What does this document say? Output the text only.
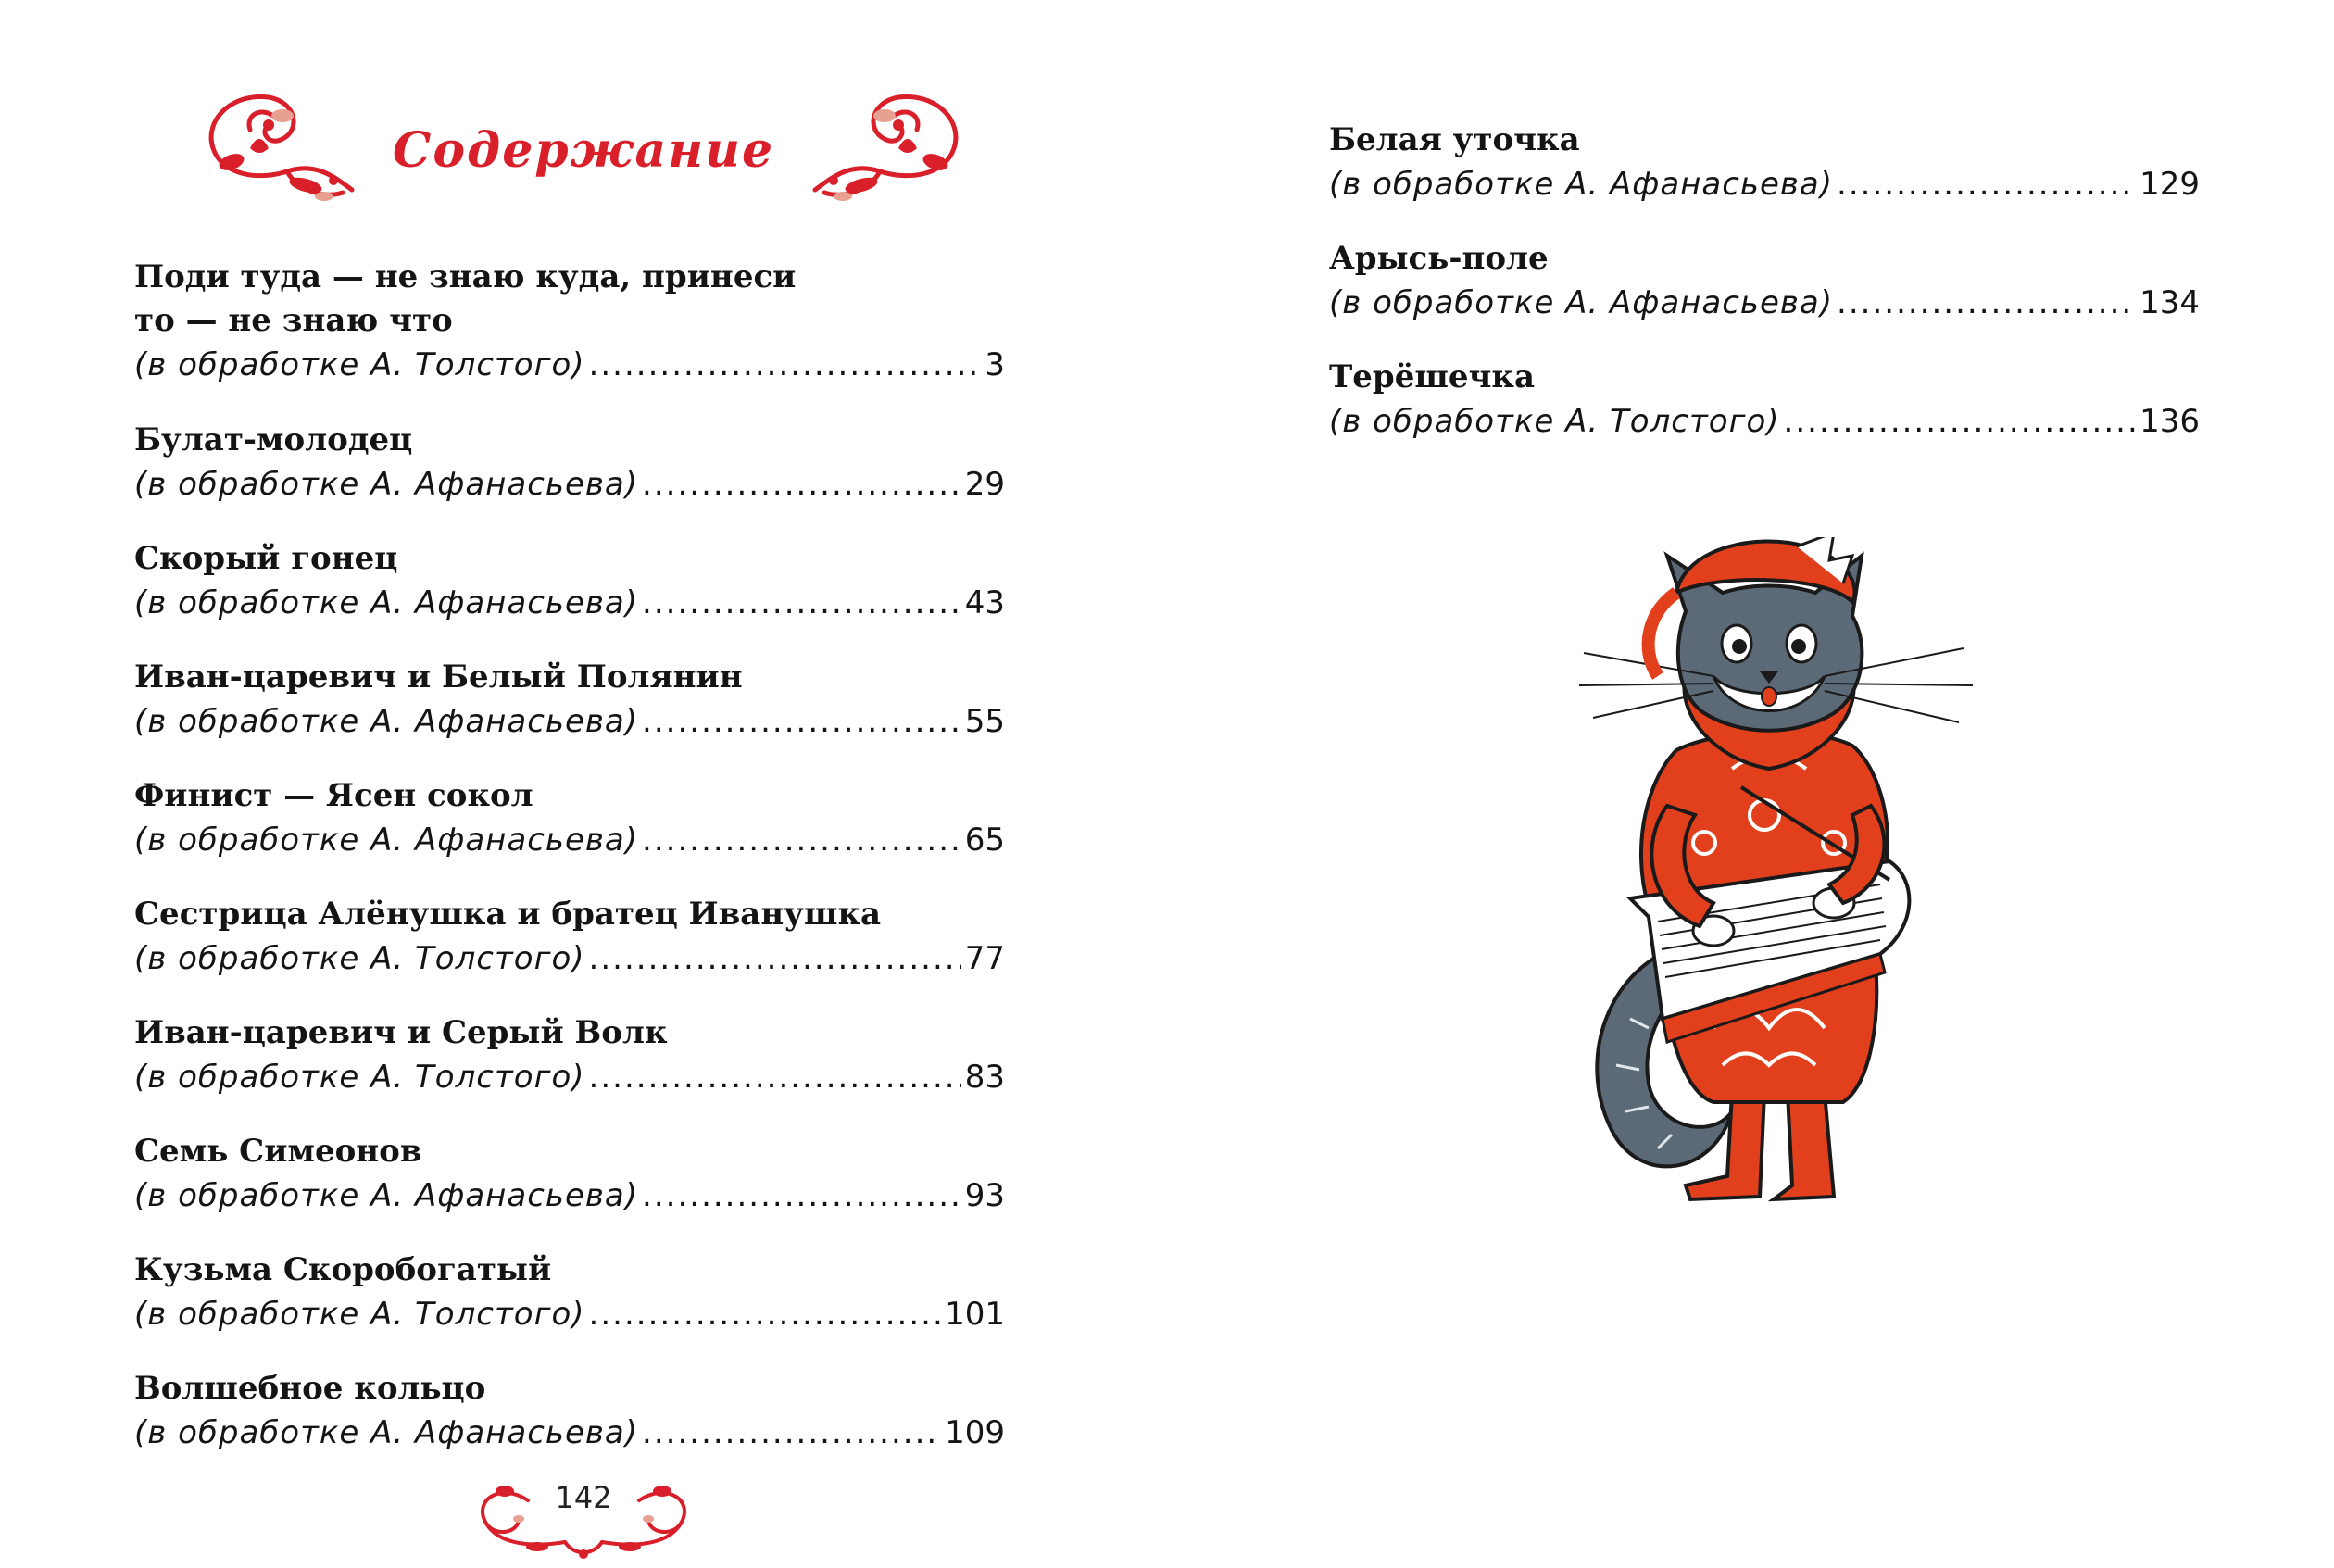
Содержание
Поди туда — не знаю куда, принеси то — не знаю что
(в обработке А. Толстого) .....	3
Булат-молодец
(в обработке А. Афанасьева) .....	29
Скорый гонец
(в обработке А. Афанасьева) .....	43
Иван-царевич и Белый Полянин
(в обработке А. Афанасьева) .....	55
Финист — Ясен сокол
(в обработке А. Афанасьева) .....	65
Сестрица Алёнушка и братец Иванушка
(в обработке А. Толстого) .....	77
Иван-царевич и Серый Волк
(в обработке А. Толстого) .....	83
Семь Симеонов
(в обработке А. Афанасьева) .....	93
Кузьма Скоробогатый
(в обработке А. Толстого) .....	101
Волшебное кольцо
(в обработке А. Афанасьева) .....	109
142
Белая уточка
(в обработке А. Афанасьева) .....	129
Арысь-поле
(в обработке А. Афанасьева) .....	134
Терёшечка
(в обработке А. Толстого) .....	136
